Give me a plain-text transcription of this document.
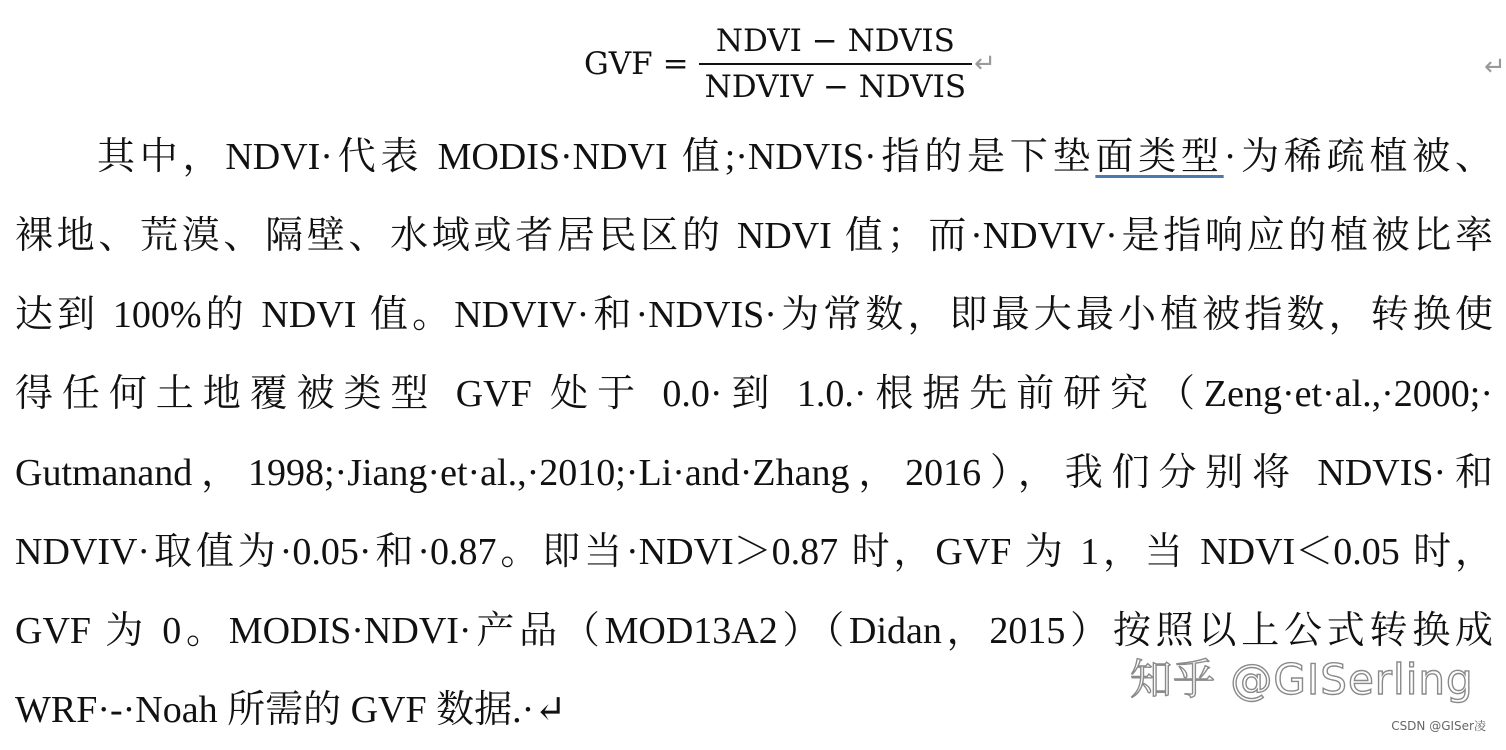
GVF = $\frac{\text{NDVI − NDVIS}}{\text{NDVIV − NDVIS}}$ ↵	↵
其中，NDVI·代表 MODIS·NDVI 值;·NDVIS·指的是下垫面类型·为稀疏植被、
裸地、荒漠、隔壁、水域或者居民区的 NDVI 值；而·NDVIV·是指响应的植被比率
达到 100%的 NDVI 值。NDVIV·和·NDVIS·为常数，即最大最小植被指数，转换使
得任何土地覆被类型 GVF 处于 0.0·到 1.0.·根据先前研究（Zeng·et·al.,·2000;·
Gutmanand，1998;·Jiang·et·al.,·2010;·Li·and·Zhang，2016），我们分别将 NDVIS·和
NDVIV·取值为·0.05·和·0.87。即当·NDVI＞0.87 时，GVF 为 1，当 NDVI＜0.05 时，
GVF 为 0。MODIS·NDVI·产品（MOD13A2）（Didan，2015）按照以上公式转换成
WRF·-·Noah 所需的 GVF 数据.·↵
知乎 @GISerling
CSDN @GISer凌
